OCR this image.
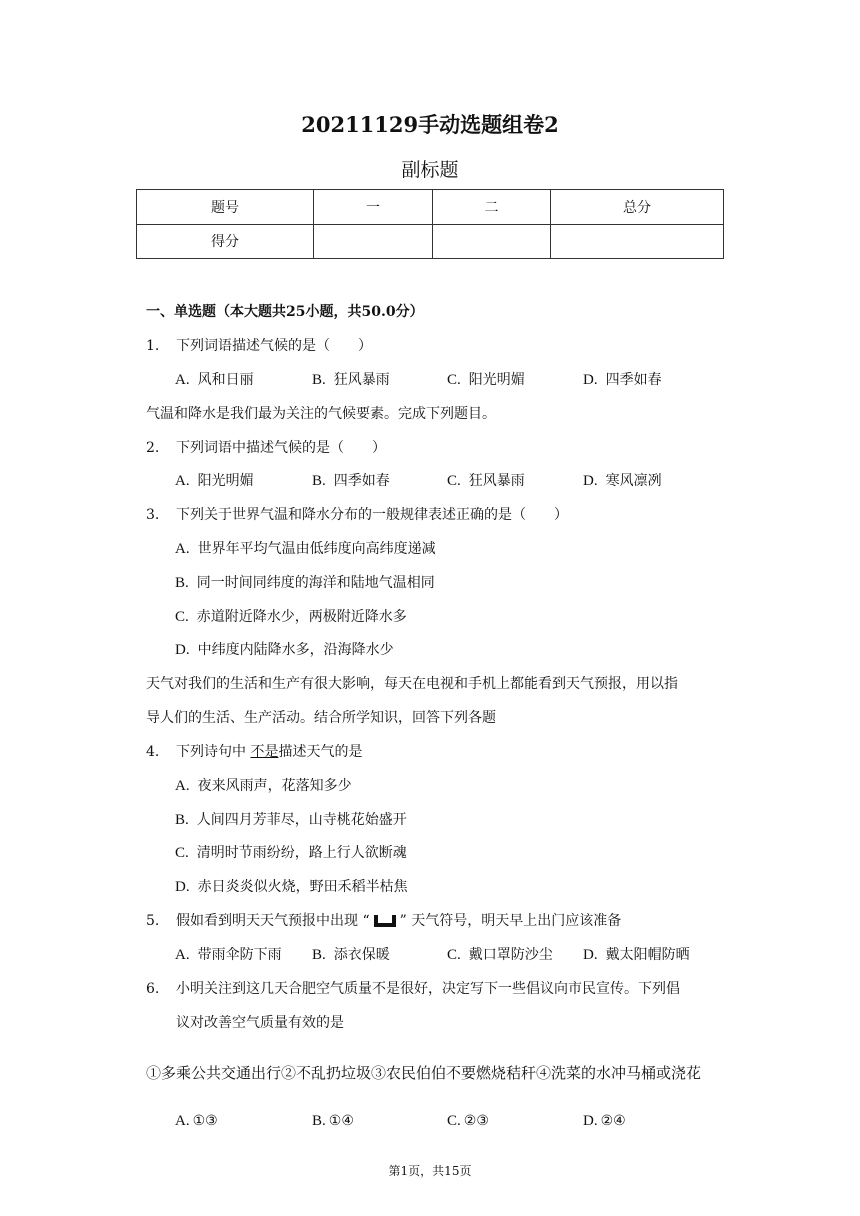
20211129手动选题组卷2
副标题
题号	一	二	总分
得分			
一、单选题（本大题共25小题，共50.0分）
1. 下列词语描述气候的是（　　）
A. 风和日丽	B. 狂风暴雨	C. 阳光明媚	D. 四季如春
气温和降水是我们最为关注的气候要素。完成下列题目。
2. 下列词语中描述气候的是（　　）
A. 阳光明媚	B. 四季如春	C. 狂风暴雨	D. 寒风凛冽
3. 下列关于世界气温和降水分布的一般规律表述正确的是（　　）
A. 世界年平均气温由低纬度向高纬度递减
B. 同一时间同纬度的海洋和陆地气温相同
C. 赤道附近降水少，两极附近降水多
D. 中纬度内陆降水多，沿海降水少
天气对我们的生活和生产有很大影响，每天在电视和手机上都能看到天气预报，用以指
导人们的生活、生产活动。结合所学知识，回答下列各题
4. 下列诗句中 不是描述天气的是
A. 夜来风雨声，花落知多少
B. 人间四月芳菲尽，山寺桃花始盛开
C. 清明时节雨纷纷，路上行人欲断魂
D. 赤日炎炎似火烧，野田禾稻半枯焦
5. 假如看到明天天气预报中出现 “ ” 天气符号，明天早上出门应该准备
A. 带雨伞防下雨 B. 添衣保暖	C. 戴口罩防沙尘 D. 戴太阳帽防晒
6. 小明关注到这几天合肥空气质量不是很好，决定写下一些倡议向市民宣传。下列倡
议对改善空气质量有效的是
①多乘公共交通出行②不乱扔垃圾③农民伯伯不要燃烧秸秆④洗菜的水冲马桶或浇花
A. ①③	B. ①④	C. ②③	D. ②④
第1页，共15页
